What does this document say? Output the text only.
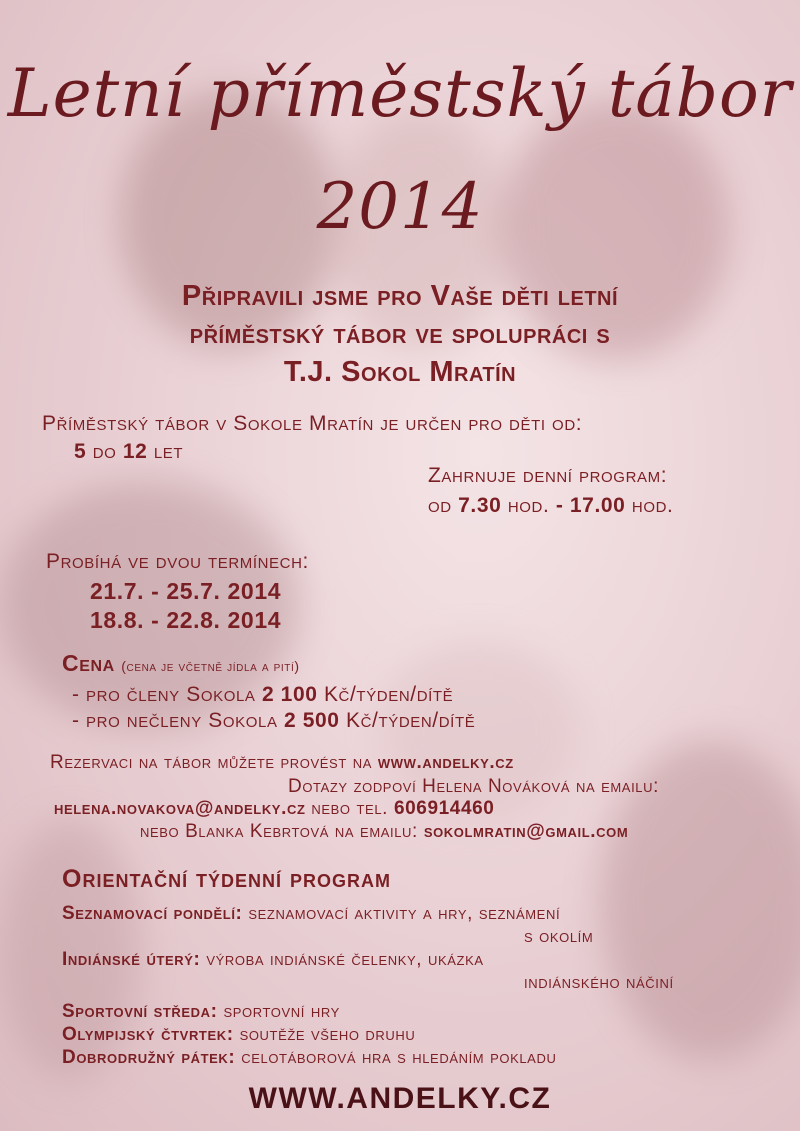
Letní příměstský tábor
2014
Připravili jsme pro Vaše děti letní
příměstský tábor ve spolupráci s
T.J. Sokol Mratín
Příměstský tábor v Sokole Mratín je určen pro děti od:
5 do 12 let
Zahrnuje denní program:
od 7.30 hod. - 17.00 hod.
Probíhá ve dvou termínech:
21.7. - 25.7. 2014
18.8. - 22.8. 2014
Cena (cena je včetně jídla a pití)
- pro členy Sokola 2 100 Kč/týden/dítě
- pro nečleny Sokola 2 500 Kč/týden/dítě
Rezervaci na tábor můžete provést na www.andelky.cz
Dotazy zodpoví Helena Nováková na emailu:
helena.novakova@andelky.cz nebo tel. 606914460
nebo Blanka Kebrtová na emailu: sokolmratin@gmail.com
Orientační týdenní program
Seznamovací pondělí: seznamovací aktivity a hry, seznámení
s okolím
Indiánské úterý: výroba indiánské čelenky, ukázka
indiánského náčiní
Sportovní středa: sportovní hry
Olympijský čtvrtek: soutěže všeho druhu
Dobrodružný pátek: celotáborová hra s hledáním pokladu
WWW.ANDELKY.CZ
